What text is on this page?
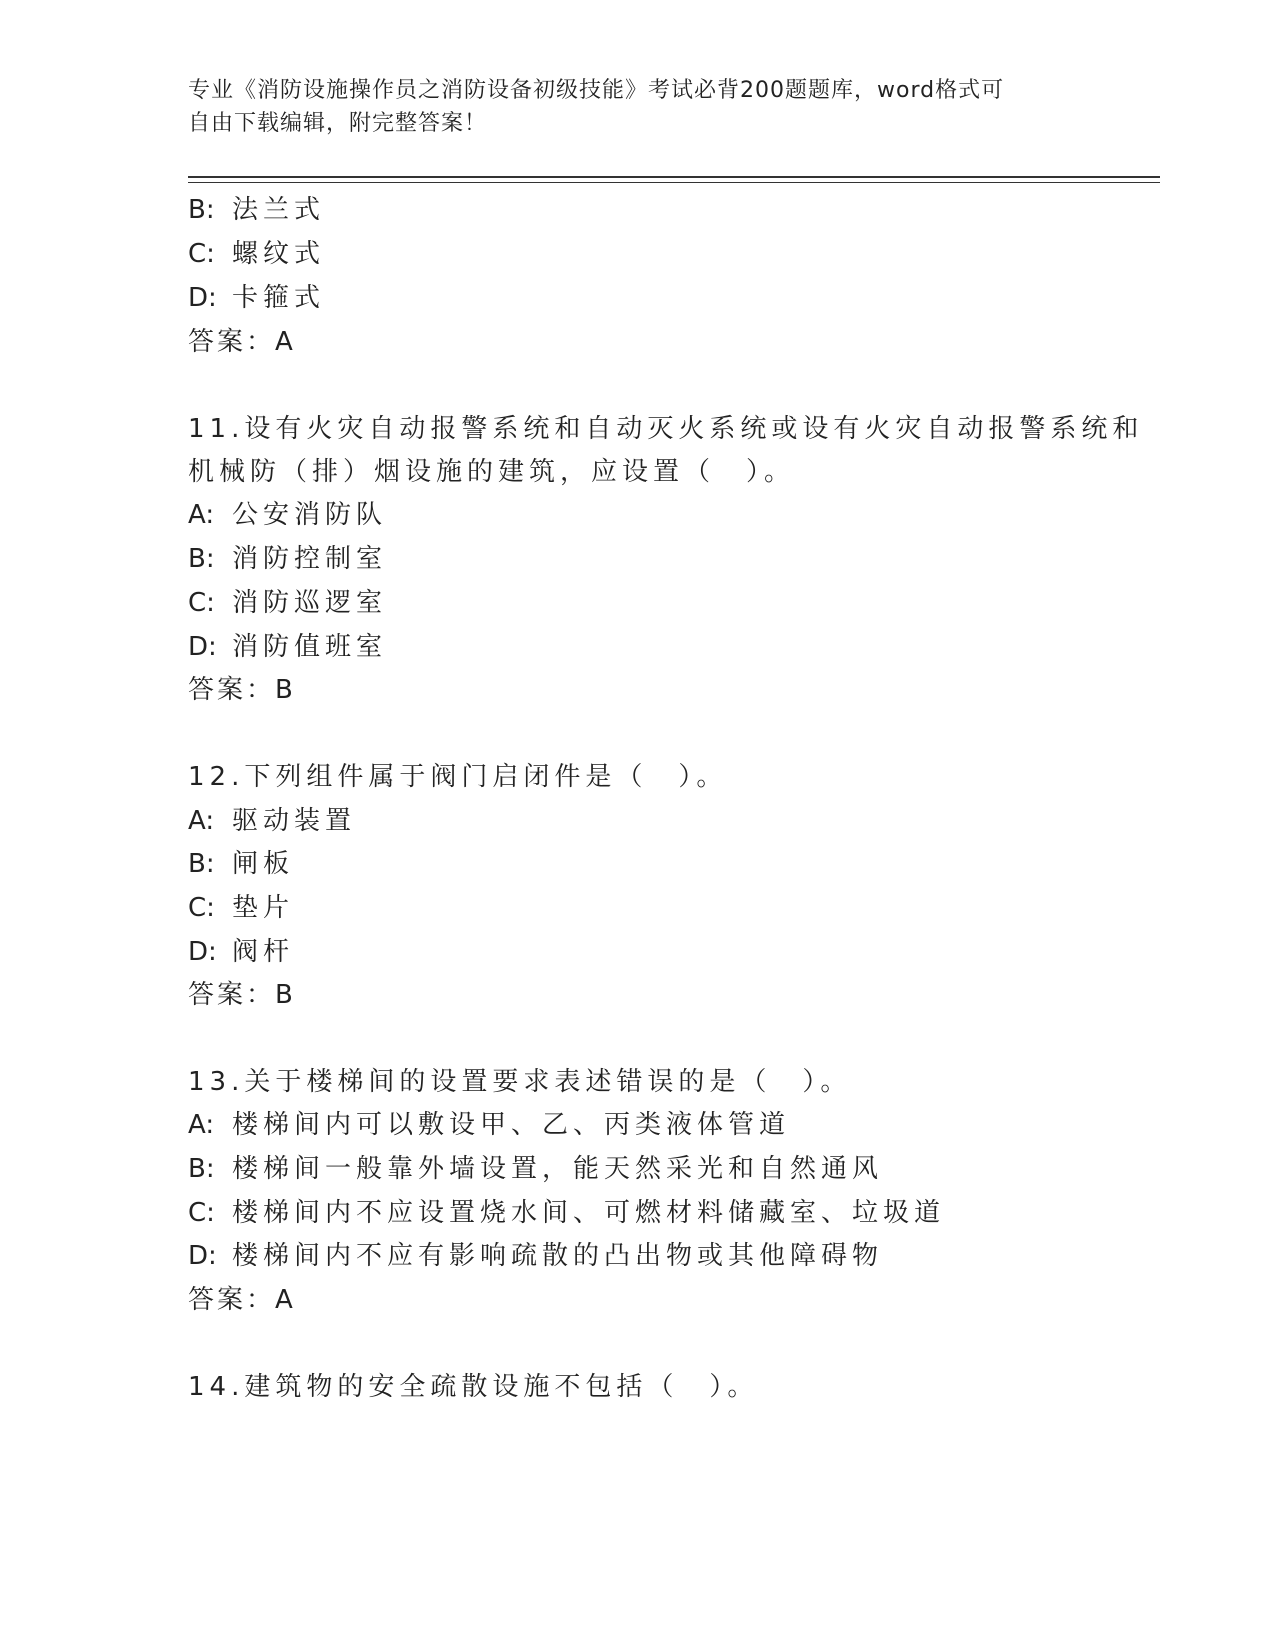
专业《消防设施操作员之消防设备初级技能》考试必背200题题库，word格式可
自由下载编辑，附完整答案！
B: 法兰式
C: 螺纹式
D: 卡箍式
答案：A
11.设有火灾自动报警系统和自动灭火系统或设有火灾自动报警系统和
机械防（排）烟设施的建筑，应设置（　）。
A: 公安消防队
B: 消防控制室
C: 消防巡逻室
D: 消防值班室
答案：B
12.下列组件属于阀门启闭件是（　）。
A: 驱动装置
B: 闸板
C: 垫片
D: 阀杆
答案：B
13.关于楼梯间的设置要求表述错误的是（　）。
A: 楼梯间内可以敷设甲、乙、丙类液体管道
B: 楼梯间一般靠外墙设置，能天然采光和自然通风
C: 楼梯间内不应设置烧水间、可燃材料储藏室、垃圾道
D: 楼梯间内不应有影响疏散的凸出物或其他障碍物
答案：A
14.建筑物的安全疏散设施不包括（　）。
